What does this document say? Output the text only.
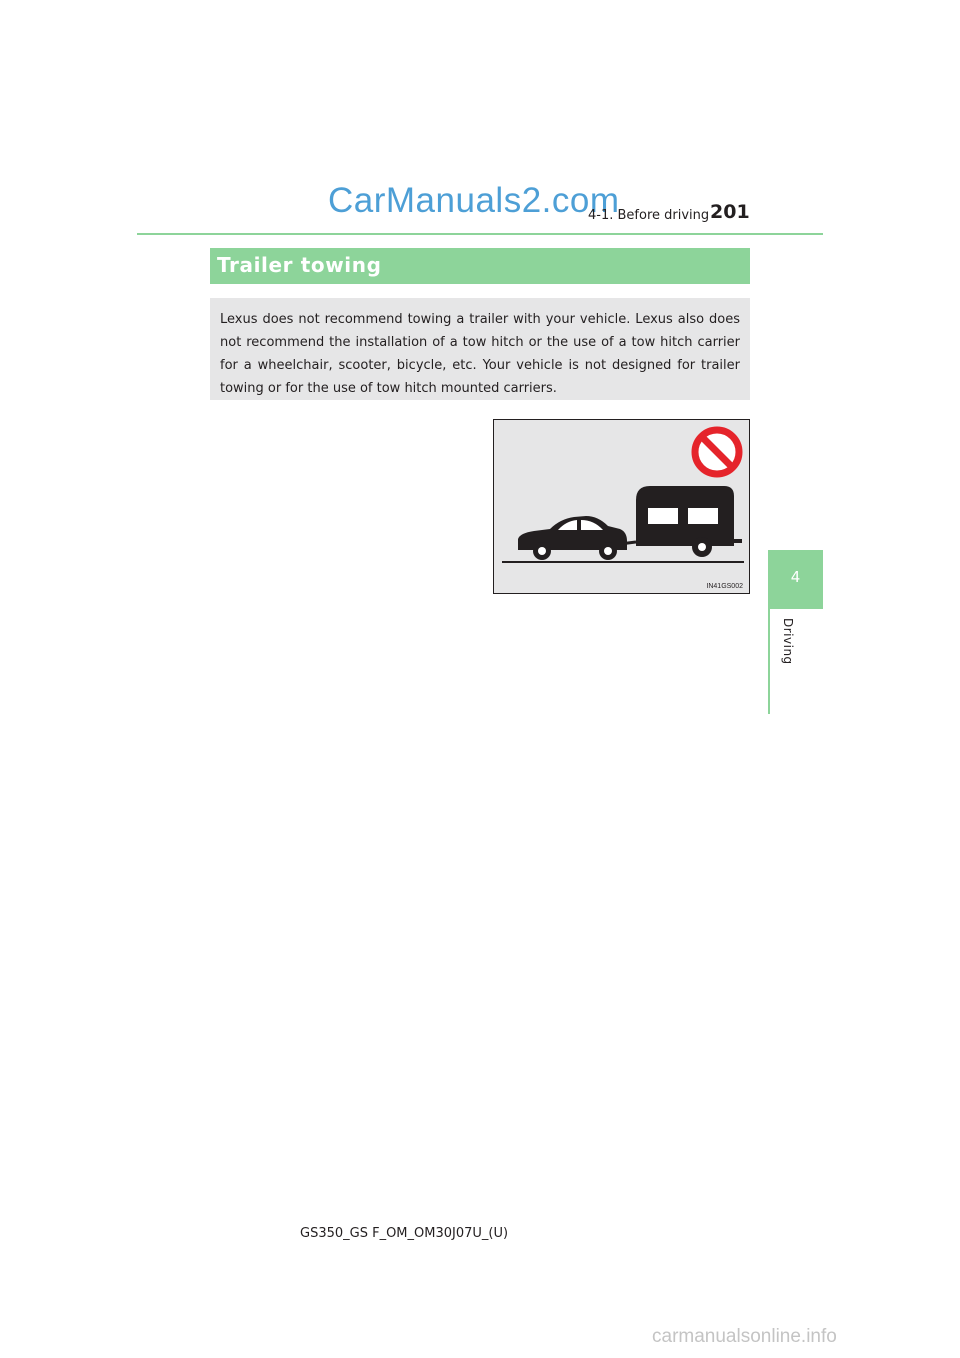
CarManuals2.com
4-1. Before driving 201
Trailer towing

Lexus does not recommend towing a trailer with your vehicle. Lexus also does not recommend the installation of a tow hitch or the use of a tow hitch carrier for a wheelchair, scooter, bicycle, etc. Your vehicle is not designed for trailer towing or for the use of tow hitch mounted carriers.

IN41GS002
4
Driving
GS350_GS F_OM_OM30J07U_(U)
carmanualsonline.info
